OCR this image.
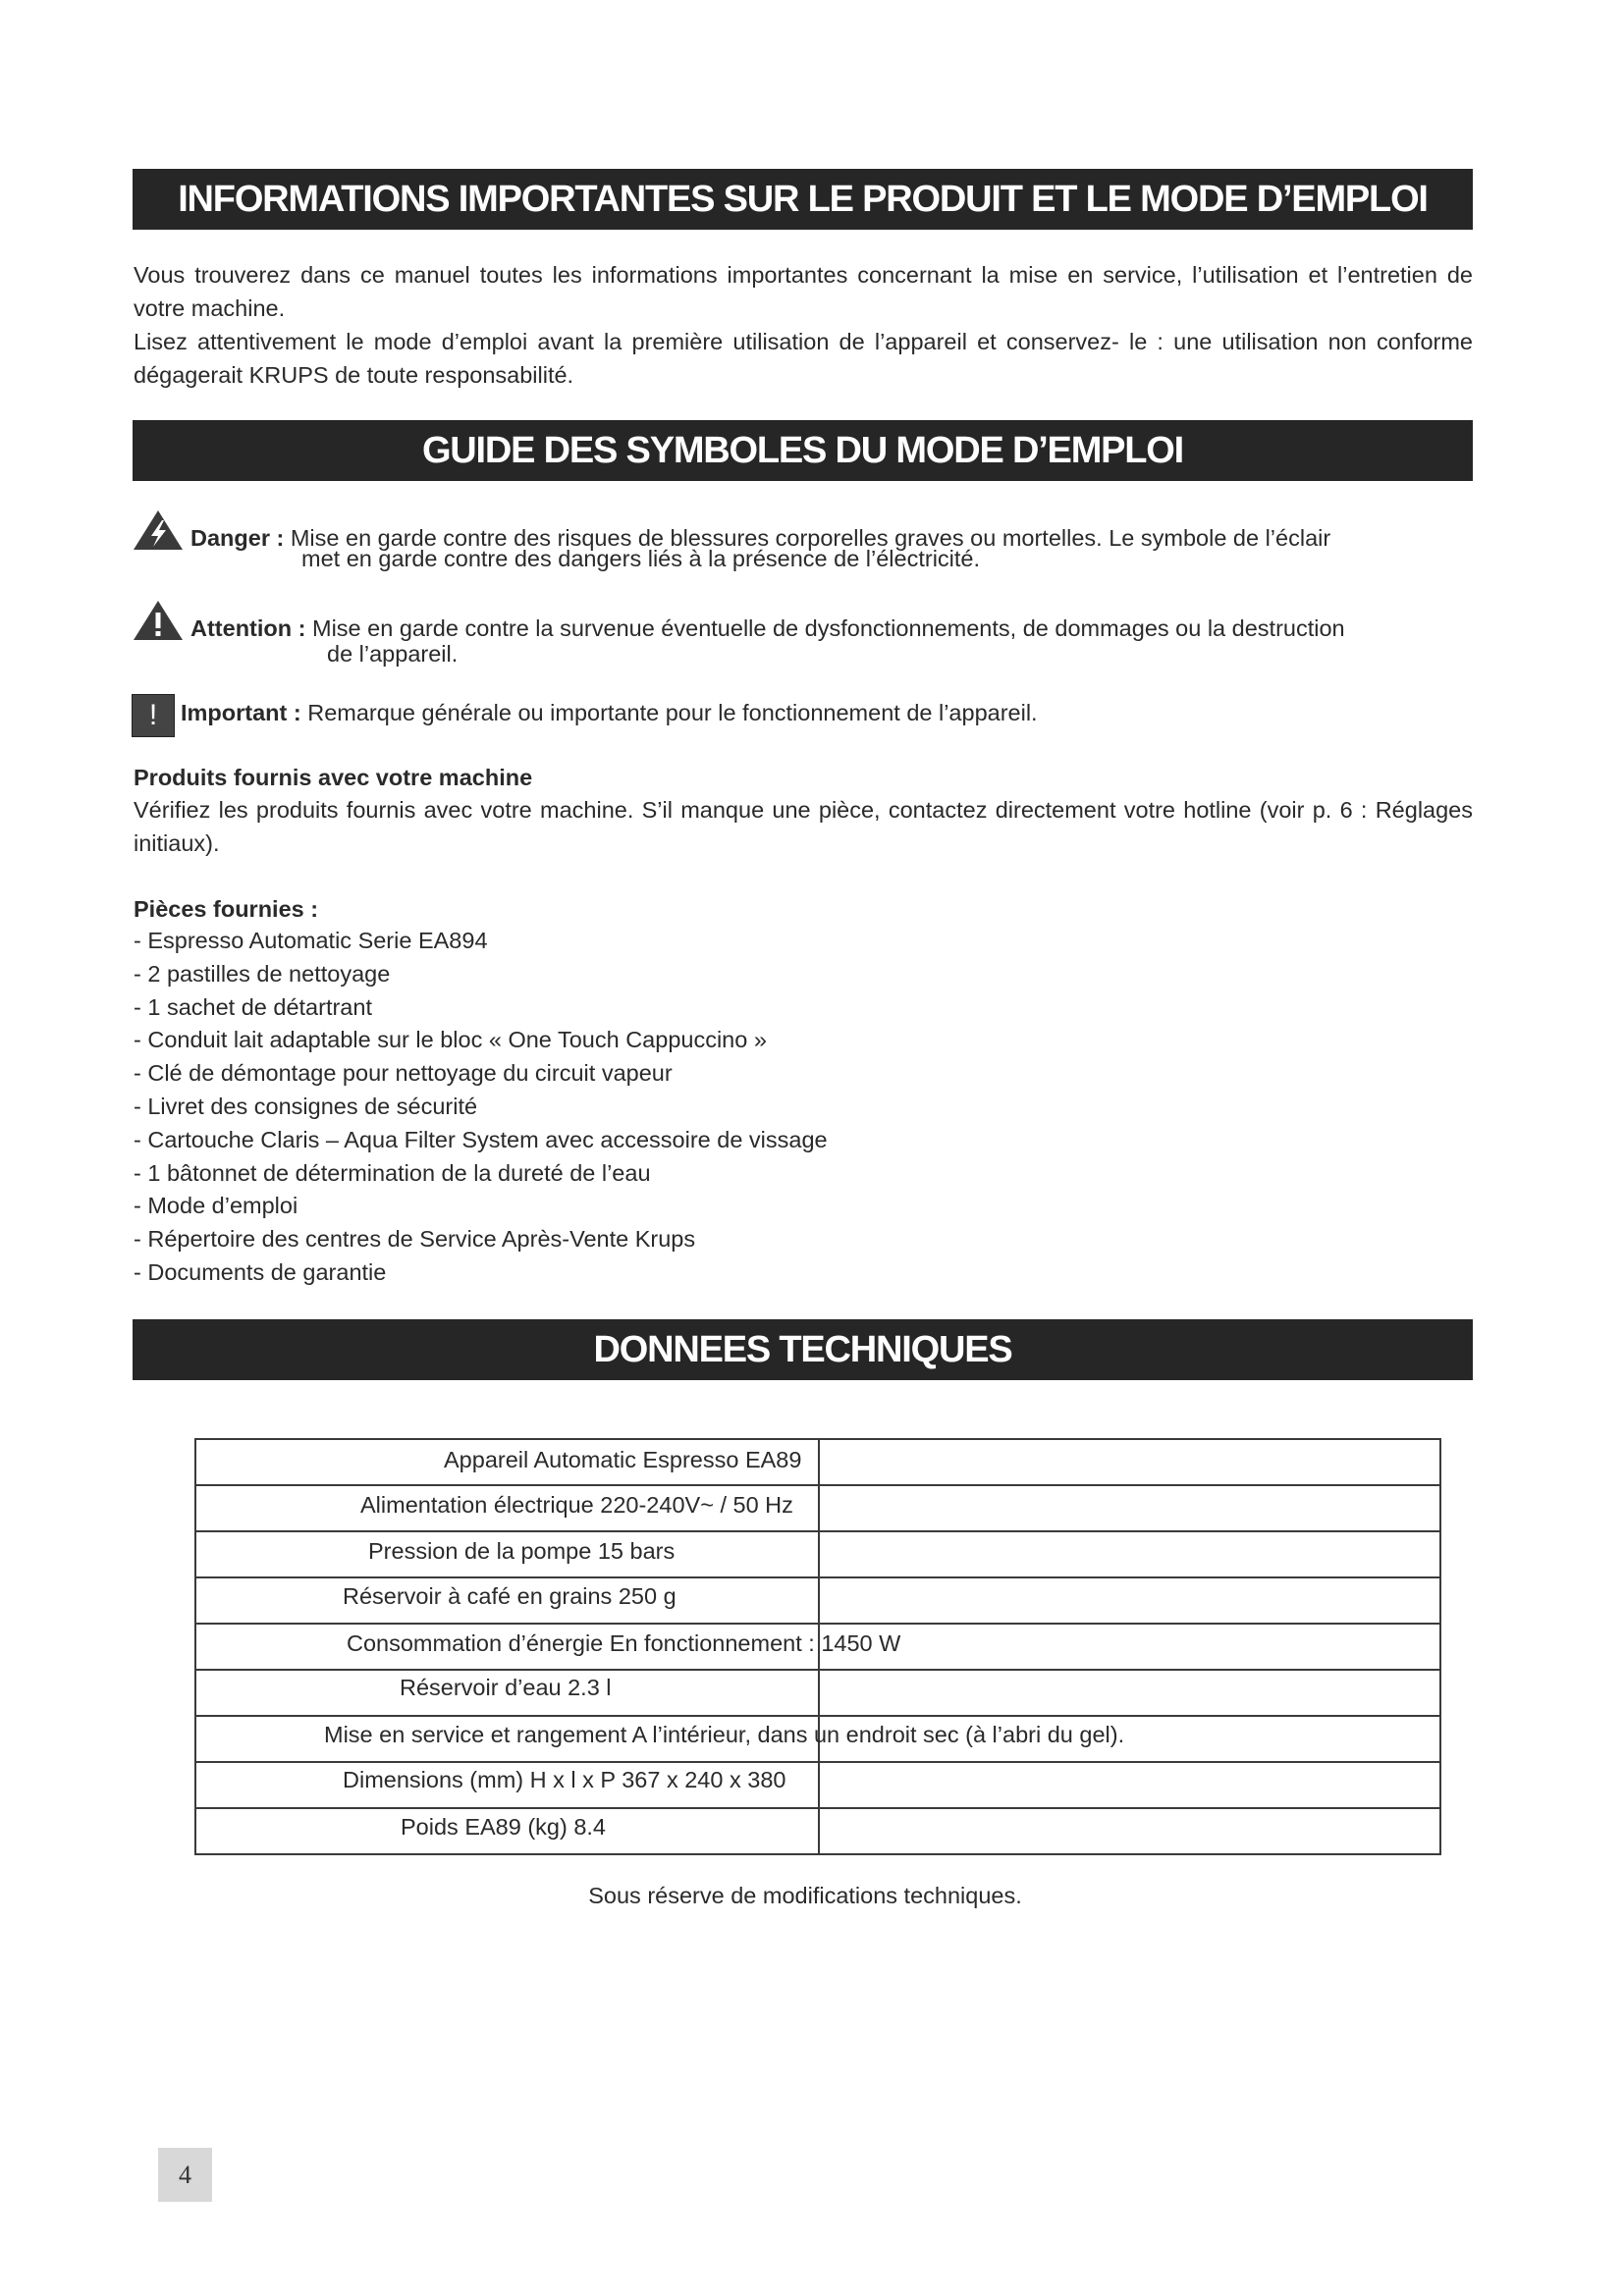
INFORMATIONS IMPORTANTES SUR LE PRODUIT ET LE MODE D’EMPLOI

Vous trouverez dans ce manuel toutes les informations importantes concernant la mise en service, l’utilisation et l’entretien de votre machine.

Lisez attentivement le mode d’emploi avant la première utilisation de l’appareil et conservez- le : une utilisation non conforme dégagerait KRUPS de toute responsabilité.

GUIDE DES SYMBOLES DU MODE D’EMPLOI
Danger : Mise en garde contre des risques de blessures corporelles graves ou mortelles. Le symbole de l’éclair
met en garde contre des dangers liés à la présence de l’électricité.
Attention : Mise en garde contre la survenue éventuelle de dysfonctionnements, de dommages ou la destruction
de l’appareil.
! Important : Remarque générale ou importante pour le fonctionnement de l’appareil.
Produits fournis avec votre machine

Vérifiez les produits fournis avec votre machine. S’il manque une pièce, contactez directement votre hotline (voir p. 6 : Réglages initiaux).

Pièces fournies :
- Espresso Automatic Serie EA894
- 2 pastilles de nettoyage
- 1 sachet de détartrant
- Conduit lait adaptable sur le bloc « One Touch Cappuccino »
- Clé de démontage pour nettoyage du circuit vapeur
- Livret des consignes de sécurité
- Cartouche Claris – Aqua Filter System avec accessoire de vissage
- 1 bâtonnet de détermination de la dureté de l’eau
- Mode d’emploi
- Répertoire des centres de Service Après-Vente Krups
- Documents de garantie
DONNEES TECHNIQUES

Appareil Automatic Espresso EA89
Alimentation électrique 220-240V~ / 50 Hz
Pression de la pompe 15 bars
Réservoir à café en grains 250 g
Consommation d’énergie En fonctionnement : 1450 W
Réservoir d’eau 2.3 l
Mise en service et rangement A l’intérieur, dans un endroit sec (à l’abri du gel).
Dimensions (mm) H x l x P 367 x 240 x 380
Poids EA89 (kg) 8.4
Sous réserve de modifications techniques.
4
